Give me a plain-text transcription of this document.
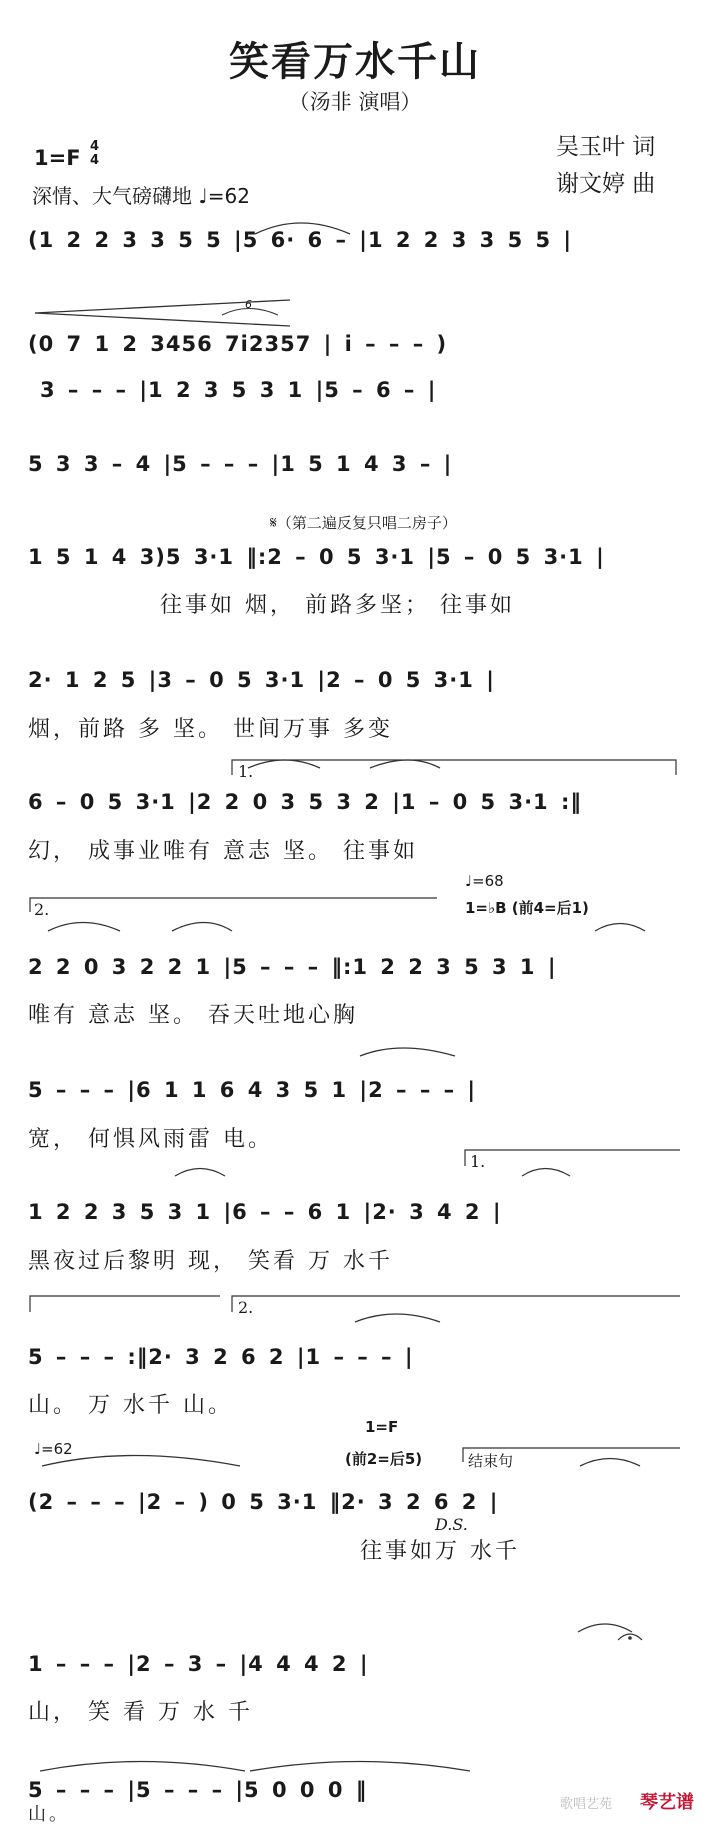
笑看万水千山
（汤非 演唱）
吴玉叶 词
谢文婷 曲
1=F 4
4
深情、大气磅礴地 ♩=62
𝄋（第二遍反复只唱二房子）
1.
2.
♩=68
1=♭B (前4=后1)
1.
2.
♩=62
1=F
(前2=后5)	结束句
D.S.
6
(1 2 2 3 3 5 5 |5 6· 6 – |1 2 2 3 3 5 5 |
(0 7 1 2 3456 7i2357 | i – – – )
3 – – – |1 2 3 5 3 1 |5 – 6 – |
5 3 3 – 4 |5 – – – |1 5 1 4 3 – |
1 5 1 4 3)5 3·1 ‖:2 – 0 5 3·1 |5 – 0 5 3·1 |
往事如 烟， 前路多坚； 往事如
2· 1 2 5 |3 – 0 5 3·1 |2 – 0 5 3·1 |
烟，前路 多 坚。 世间万事 多变
6 – 0 5 3·1 |2 2 0 3 5 3 2 |1 – 0 5 3·1 :‖
幻， 成事业唯有 意志 坚。 往事如
2 2 0 3 2 2 1 |5 – – – ‖:1 2 2 3 5 3 1 |
唯有 意志 坚。 吞天吐地心胸
5 – – – |6 1 1 6 4 3 5 1 |2 – – – |
宽， 何惧风雨雷 电。
1 2 2 3 5 3 1 |6 – – 6 1 |2· 3 4 2 |
黑夜过后黎明 现， 笑看 万 水千
5 – – – :‖2· 3 2 6 2 |1 – – – |
山。 万 水千 山。
(2 – – – |2 – ) 0 5 3·1 ‖2· 3 2 6 2 |
往事如万 水千
1 – – – |2 – 3 – |4 4 4 2 |
山， 笑 看 万 水 千
5 – – – |5 – – – |5 0 0 0 ‖
山。	歌唱艺苑 琴艺谱
